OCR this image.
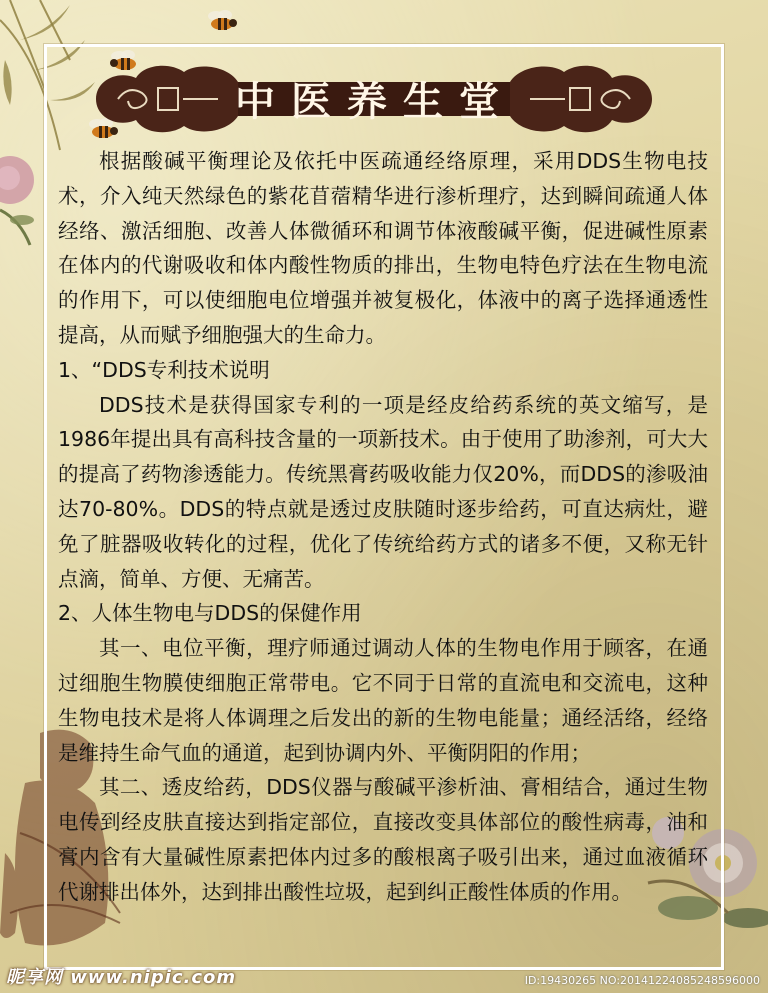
中医养生堂

根据酸碱平衡理论及依托中医疏通经络原理，采用DDS生物电技术，介入纯天然绿色的紫花苜蓿精华进行渗析理疗，达到瞬间疏通人体经络、激活细胞、改善人体微循环和调节体液酸碱平衡，促进碱性原素在体内的代谢吸收和体内酸性物质的排出，生物电特色疗法在生物电流的作用下，可以使细胞电位增强并被复极化，体液中的离子选择通透性提高，从而赋予细胞强大的生命力。

1、“DDS专利技术说明

DDS技术是获得国家专利的一项是经皮给药系统的英文缩写，是1986年提出具有高科技含量的一项新技术。由于使用了助渗剂，可大大的提高了药物渗透能力。传统黑膏药吸收能力仅20%，而DDS的渗吸油达70-80%。DDS的特点就是透过皮肤随时逐步给药，可直达病灶，避免了脏器吸收转化的过程，优化了传统给药方式的诸多不便，又称无针点滴，简单、方便、无痛苦。

2、人体生物电与DDS的保健作用

其一、电位平衡，理疗师通过调动人体的生物电作用于顾客，在通过细胞生物膜使细胞正常带电。它不同于日常的直流电和交流电，这种生物电技术是将人体调理之后发出的新的生物电能量；通经活络，经络是维持生命气血的通道，起到协调内外、平衡阴阳的作用；

其二、透皮给药，DDS仪器与酸碱平渗析油、膏相结合，通过生物电传到经皮肤直接达到指定部位，直接改变具体部位的酸性病毒，油和膏内含有大量碱性原素把体内过多的酸根离子吸引出来，通过血液循环代谢排出体外，达到排出酸性垃圾，起到纠正酸性体质的作用。

昵享网 www.nipic.com	ID:19430265 NO:20141224085248596000
